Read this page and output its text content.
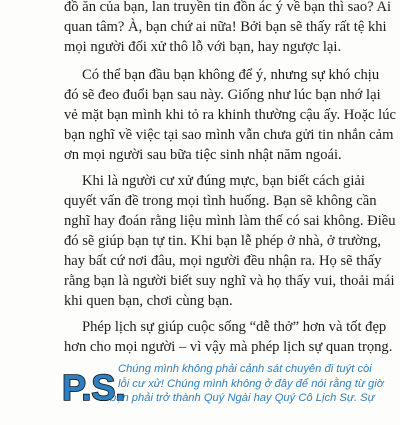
đồ ăn của bạn, lan truyền tin đồn ác ý về bạn thì sao? Ai
quan tâm? À, bạn chứ ai nữa! Bởi bạn sẽ thấy rất tệ khi
mọi người đối xử thô lỗ với bạn, hay ngược lại.
Có thể bạn đầu bạn không để ý, nhưng sự khó chịu
đó sẽ đeo đuổi bạn sau này. Giống như lúc bạn nhớ lại
vẻ mặt bạn mình khi tỏ ra khinh thường cậu ấy. Hoặc lúc
bạn nghĩ về việc tại sao mình vẫn chưa gửi tin nhắn cảm
ơn mọi người sau bữa tiệc sinh nhật năm ngoái.
Khi là người cư xử đúng mực, bạn biết cách giải
quyết vấn đề trong mọi tình huống. Bạn sẽ không cần
nghĩ hay đoán rằng liệu mình làm thế có sai không. Điều
đó sẽ giúp bạn tự tin. Khi bạn lễ phép ở nhà, ở trường,
hay bất cứ nơi đâu, mọi người đều nhận ra. Họ sẽ thấy
rằng bạn là người biết suy nghĩ và họ thấy vui, thoải mái
khi quen bạn, chơi cùng bạn.
Phép lịch sự giúp cuộc sống “dễ thở” hơn và tốt đẹp
hơn cho mọi người – vì vậy mà phép lịch sự quan trọng.
P.S.
Chúng mình không phải cảnh sát chuyên đi tuýt còi
lỗi cư xử! Chúng mình không ở đây để nói rằng từ giờ
bạn phải trở thành Quý Ngài hay Quý Cô Lịch Sự. Sự
